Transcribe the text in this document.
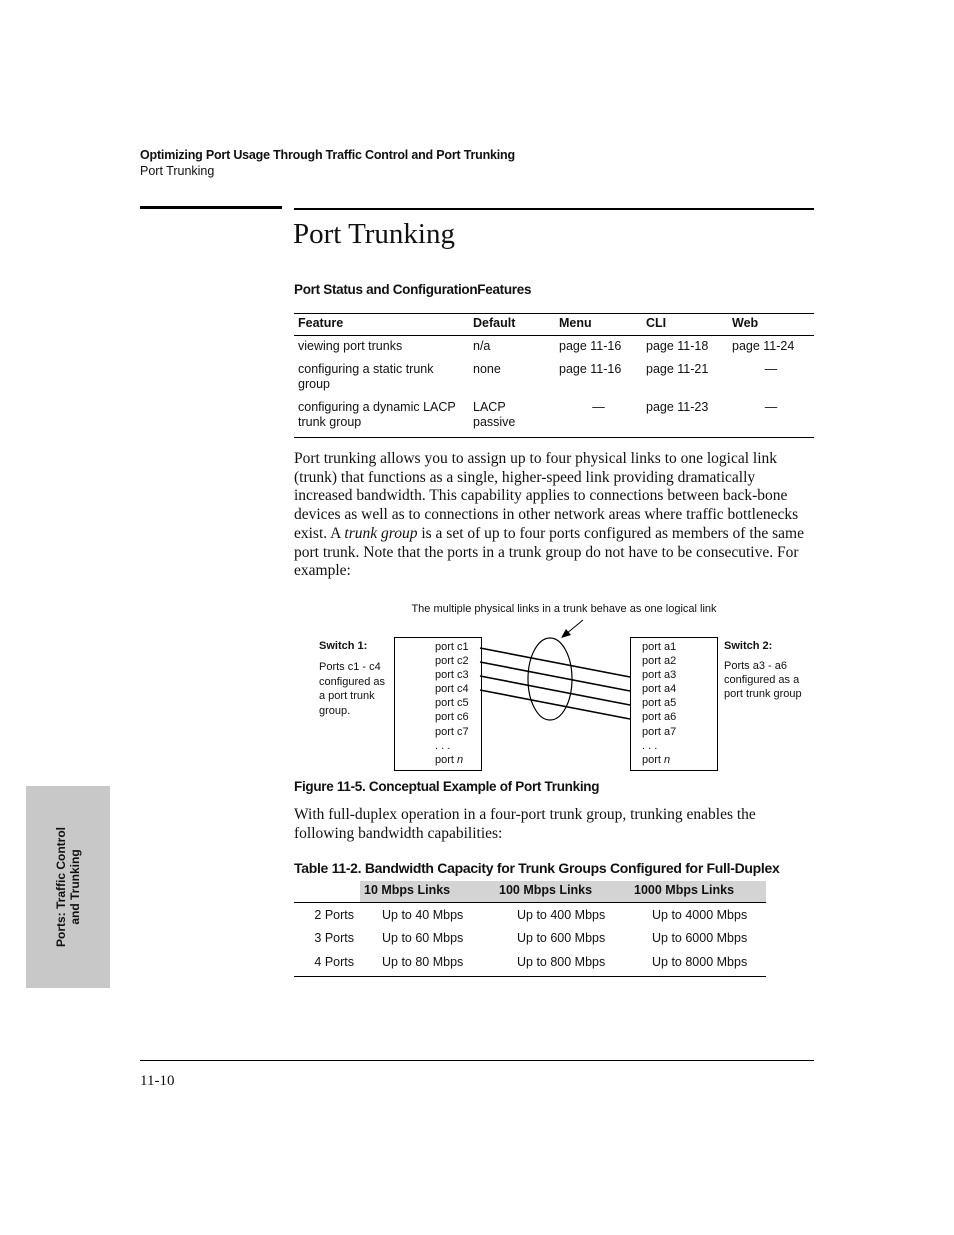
Optimizing Port Usage Through Traffic Control and Port Trunking
Port Trunking
Port Trunking
Port Status and ConfigurationFeatures
Feature	Default	Menu	CLI	Web
viewing port trunks	n/a	page 11-16	page 11-18	page 11-24
configuring a static trunk group	none	page 11-16	page 11-21	—
configuring a dynamic LACP trunk group	LACP passive	—	page 11-23	—
Port trunking allows you to assign up to four physical links to one logical link (trunk) that functions as a single, higher-speed link providing dramatically increased bandwidth. This capability applies to connections between back-bone devices as well as to connections in other network areas where traffic bottlenecks exist. A trunk group is a set of up to four ports configured as members of the same port trunk. Note that the ports in a trunk group do not have to be consecutive. For example:
The multiple physical links in a trunk behave as one logical link
Switch 1:
Ports c1 - c4 configured as a port trunk group.
port c1
port c2
port c3
port c4
port c5
port c6
port c7
. . .
port n
port a1
port a2
port a3
port a4
port a5
port a6
port a7
. . .
port n
Switch 2:
Ports a3 - a6 configured as a port trunk group
Figure 11-5. Conceptual Example of Port Trunking
With full-duplex operation in a four-port trunk group, trunking enables the following bandwidth capabilities:
Table 11-2. Bandwidth Capacity for Trunk Groups Configured for Full-Duplex
	10 Mbps Links	100 Mbps Links	1000 Mbps Links
2 Ports	Up to 40 Mbps	Up to 400 Mbps	Up to 4000 Mbps
3 Ports	Up to 60 Mbps	Up to 600 Mbps	Up to 6000 Mbps
4 Ports	Up to 80 Mbps	Up to 800 Mbps	Up to 8000 Mbps
Ports: Traffic Control and Trunking
11-10
